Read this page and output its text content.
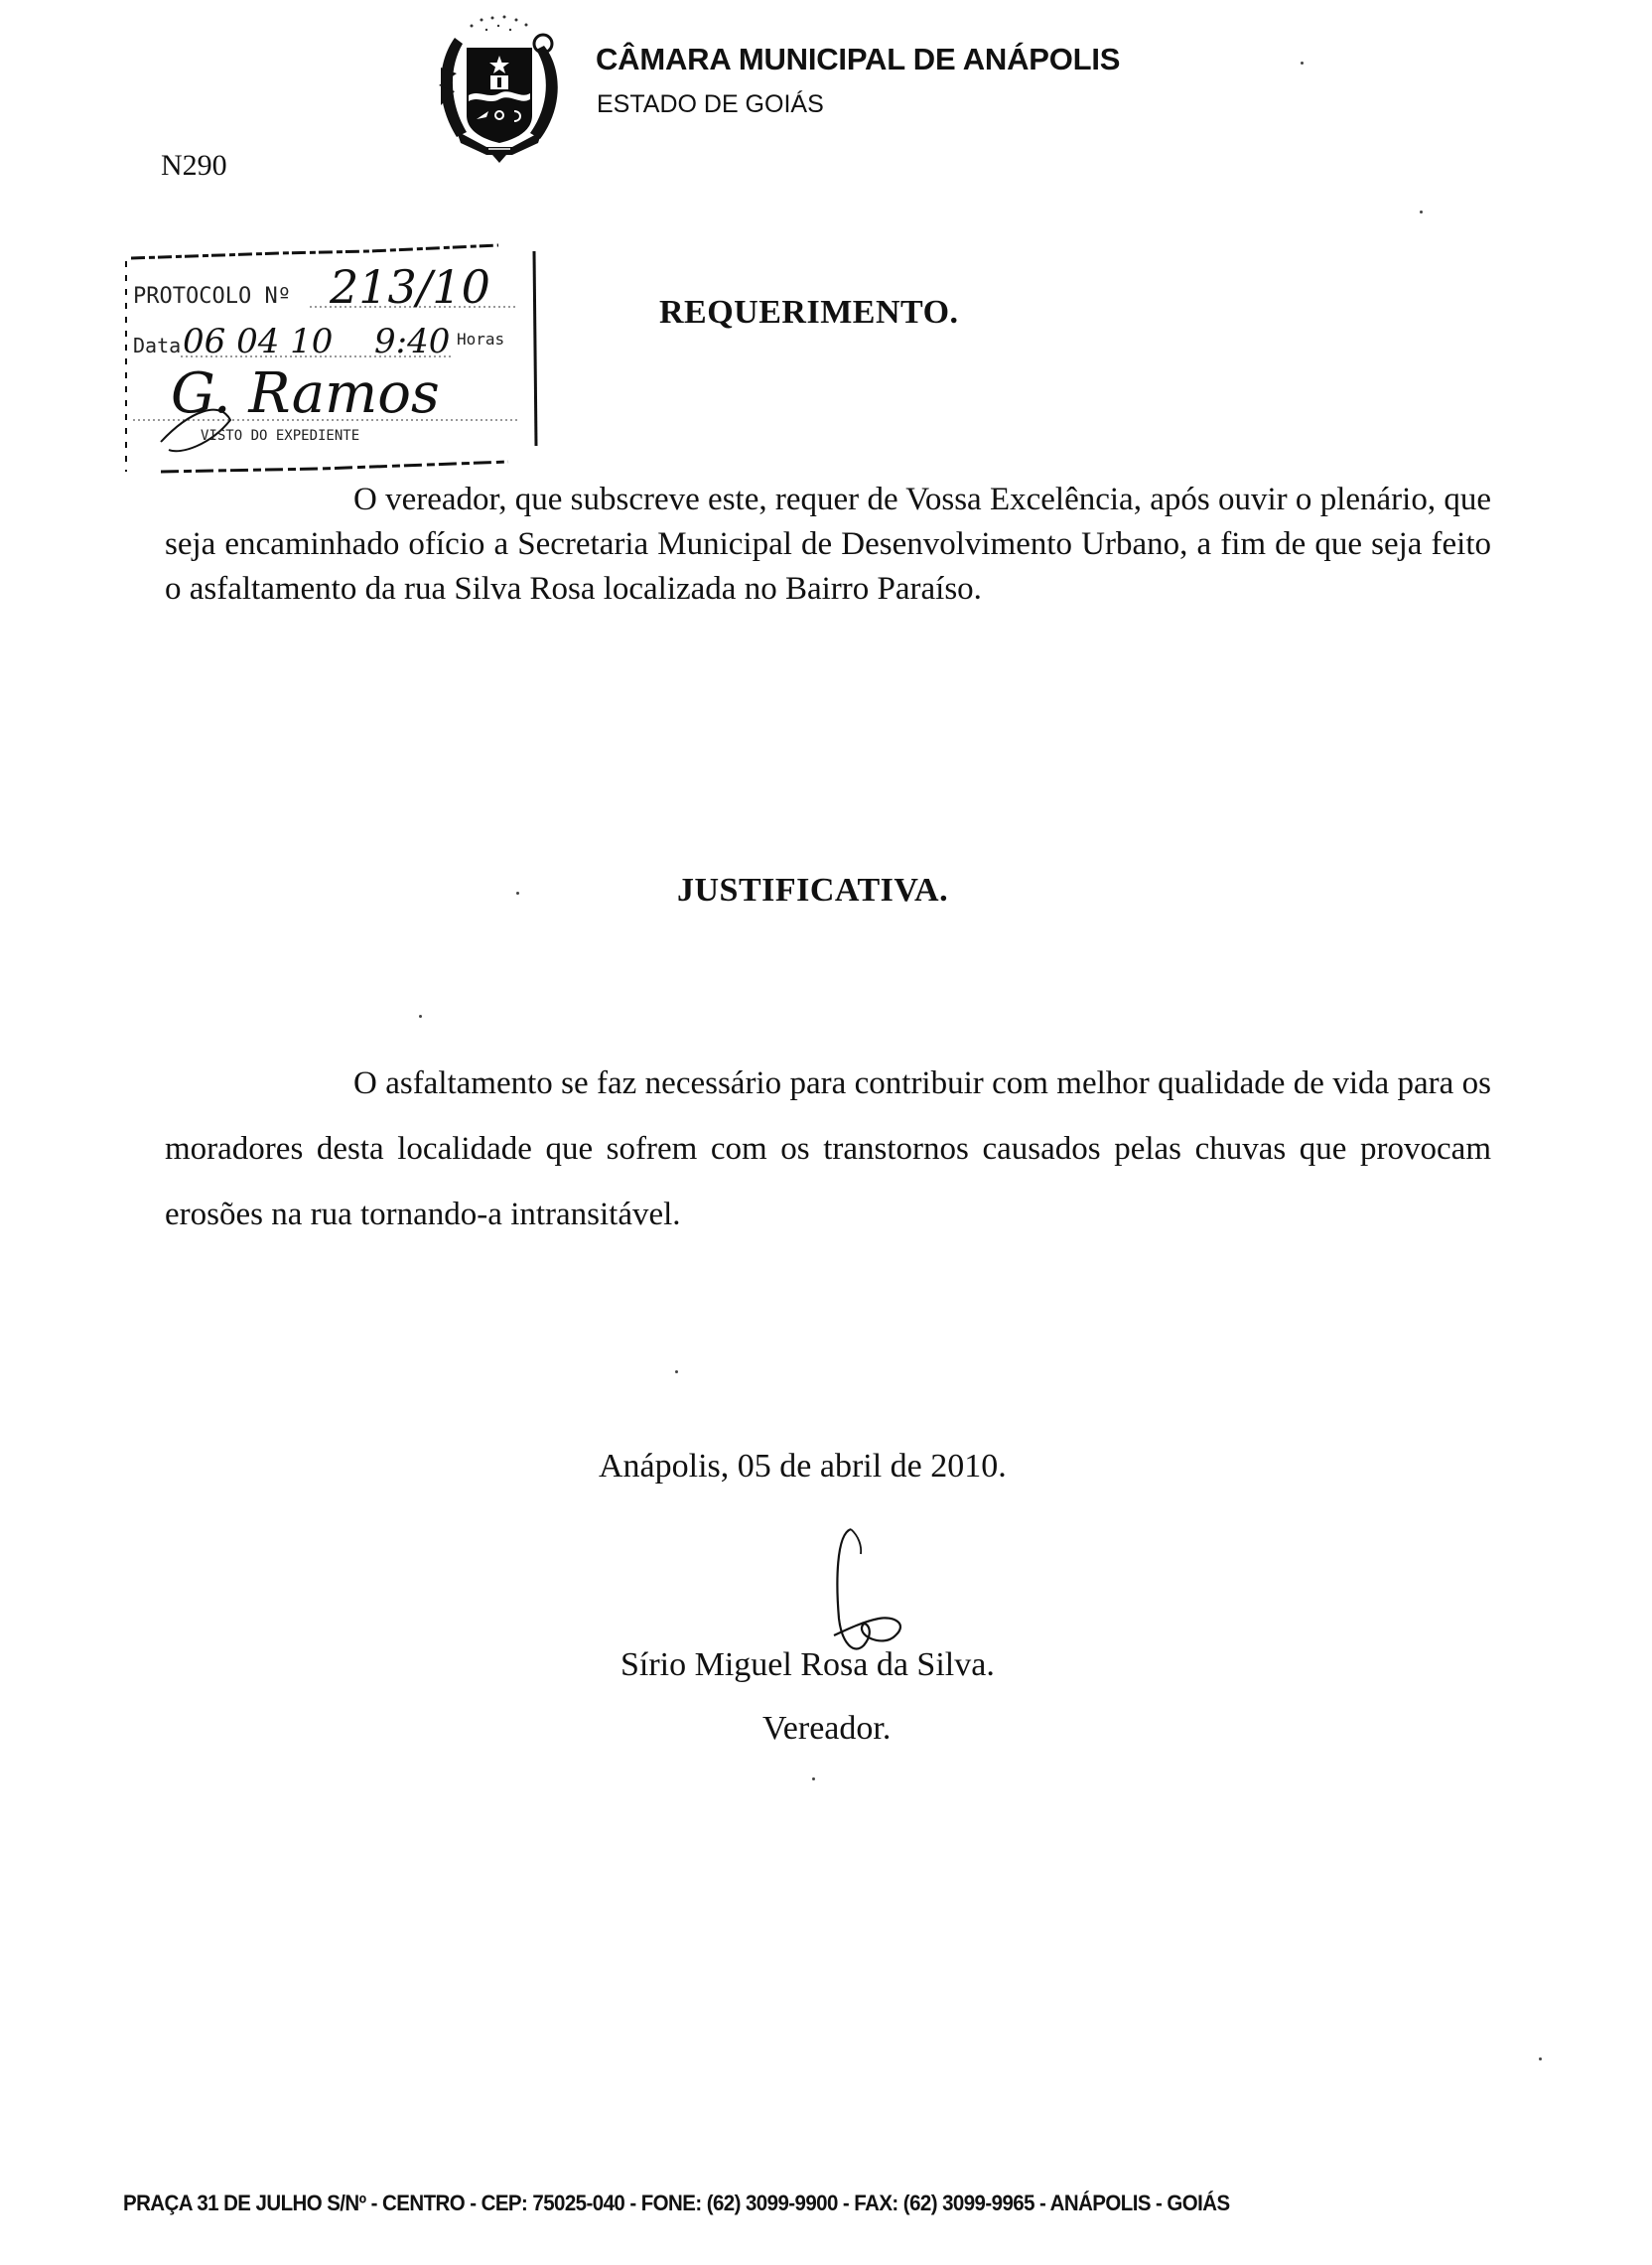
CÂMARA MUNICIPAL DE ANÁPOLIS
ESTADO DE GOIÁS
N290
PROTOCOLO Nº 213/10
Data 06 04 10 9:40 Horas
G. Ramos
VISTO DO EXPEDIENTE
REQUERIMENTO.
O vereador, que subscreve este, requer de Vossa Excelência, após ouvir o plenário, que seja encaminhado ofício a Secretaria Municipal de Desenvolvimento Urbano, a fim de que seja feito o asfaltamento da rua Silva Rosa localizada no Bairro Paraíso.
JUSTIFICATIVA.
O asfaltamento se faz necessário para contribuir com melhor qualidade de vida para os moradores desta localidade que sofrem com os transtornos causados pelas chuvas que provocam erosões na rua tornando-a intransitável.
Anápolis, 05 de abril de 2010.
Sírio Miguel Rosa da Silva.
Vereador.
PRAÇA 31 DE JULHO S/Nº - CENTRO - CEP: 75025-040 - FONE: (62) 3099-9900 - FAX: (62) 3099-9965 - ANÁPOLIS - GOIÁS
